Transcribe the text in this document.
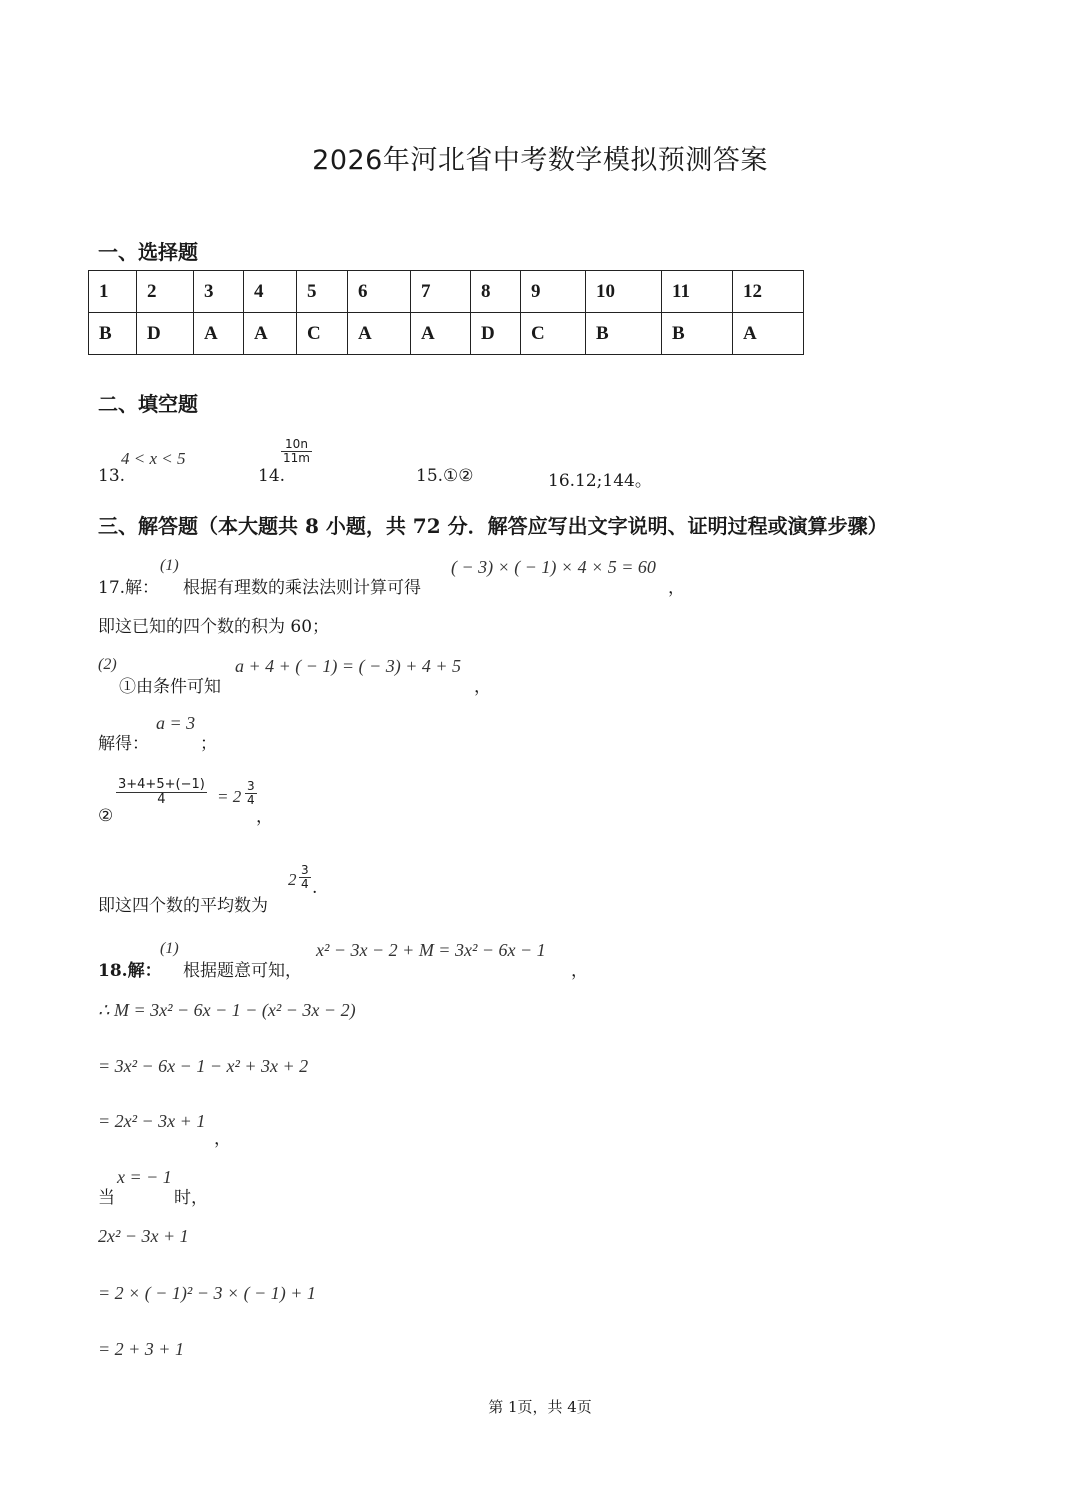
2026年河北省中考数学模拟预测答案
一、选择题
1	2	3	4	5	6	7	8	9	10	11	12
B	D	A	A	C	A	A	D	C	B	B	A
二、填空题
13.
4 < x < 5
14.
$\frac{10n}{11m}$
15.①②	16.12;144。
三、解答题（本大题共 8 小题，共 72 分．解答应写出文字说明、证明过程或演算步骤）
17.解：
(1)
根据有理数的乘法法则计算可得
( − 3) × ( − 1) × 4 × 5 = 60
，
即这已知的四个数的积为 60；
(2)
①由条件可知
a + 4 + ( − 1) = ( − 3) + 4 + 5
，
解得：
a = 3
；
②
$\frac{3+4+5+(-1)}{4} = 2 \frac{3}{4}$
，
即这四个数的平均数为
$2 \frac{3}{4}$ .
18.解：
(1)
根据题意可知，
x² − 3x − 2 + M = 3x² − 6x − 1
，
∴ M = 3x² − 6x − 1 − (x² − 3x − 2)
= 3x² − 6x − 1 − x² + 3x + 2
= 2x² − 3x + 1
，
当
x = − 1
时，
2x² − 3x + 1
= 2 × ( − 1)² − 3 × ( − 1) + 1
= 2 + 3 + 1
第 1页，共 4页
